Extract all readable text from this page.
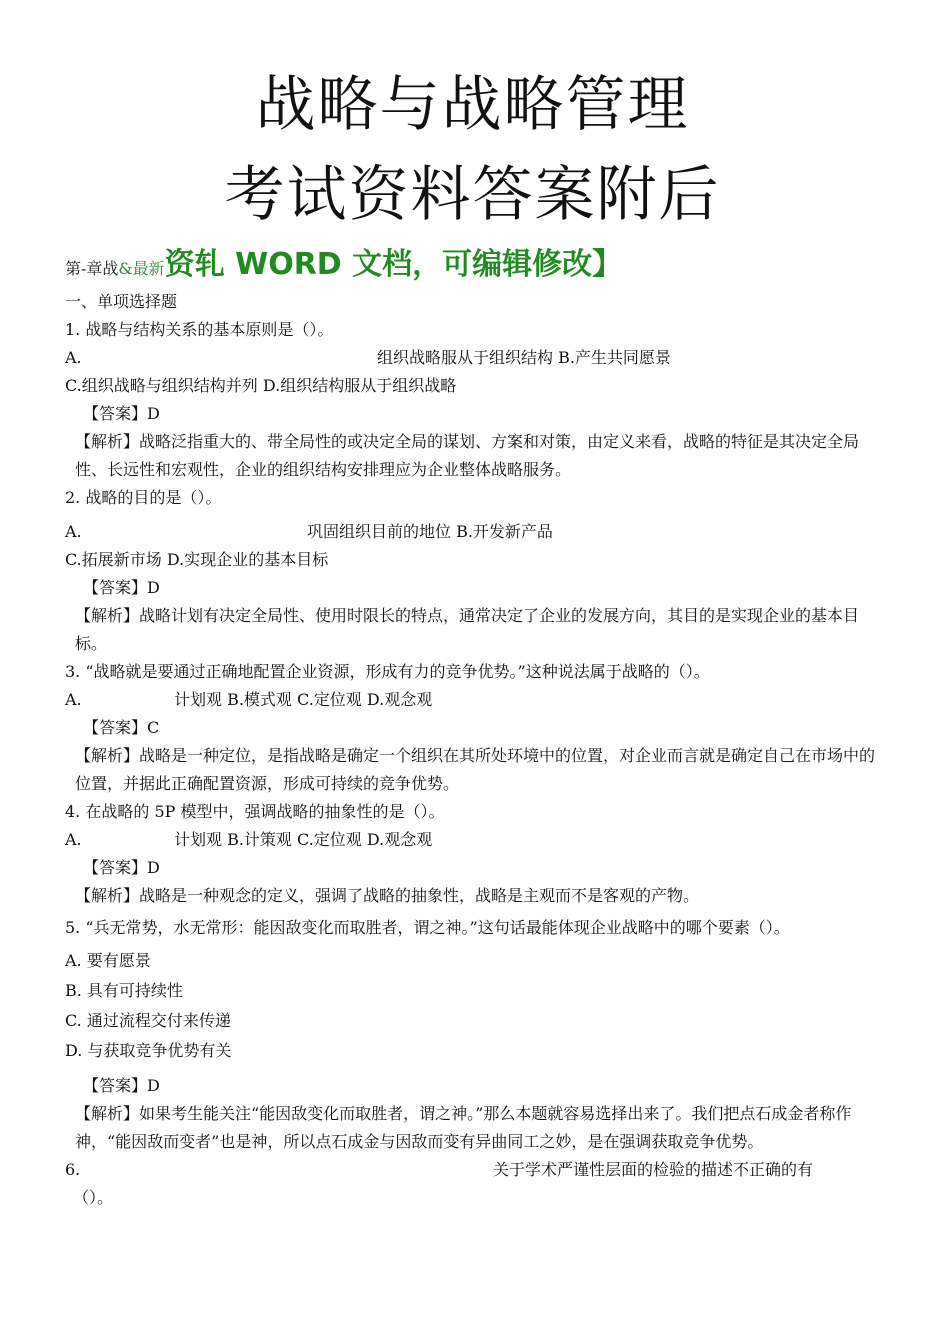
战略与战略管理
考试资料答案附后
第-章战&最新资轧 WORD 文档，可编辑修改】

一、单项选择题

1. 战略与结构关系的基本原则是（）。

A.	组织战略服从于组织结构 B.产生共同愿景

C.组织战略与组织结构并列 D.组织结构服从于组织战略

【答案】D

【解析】战略泛指重大的、带全局性的或决定全局的谋划、方案和对策，由定义来看，战略的特征是其决定全局性、长远性和宏观性，企业的组织结构安排理应为企业整体战略服务。

2. 战略的目的是（）。

A.	巩固组织目前的地位 B.开发新产品

C.拓展新市场 D.实现企业的基本目标

【答案】D

【解析】战略计划有决定全局性、使用时限长的特点，通常决定了企业的发展方向，其目的是实现企业的基本目标。

3. “战略就是要通过正确地配置企业资源，形成有力的竞争优势。”这种说法属于战略的（）。

A.	计划观 B.模式观 C.定位观 D.观念观

【答案】C

【解析】战略是一种定位，是指战略是确定一个组织在其所处环境中的位置，对企业而言就是确定自己在市场中的位置，并据此正确配置资源，形成可持续的竞争优势。

4. 在战略的 5P 模型中，强调战略的抽象性的是（）。

A.	计划观 B.计策观 C.定位观 D.观念观

【答案】D

【解析】战略是一种观念的定义，强调了战略的抽象性，战略是主观而不是客观的产物。

5. “兵无常势，水无常形：能因敌变化而取胜者，谓之神。”这句话最能体现企业战略中的哪个要素（）。

A. 要有愿景

B. 具有可持续性

C. 通过流程交付来传递

D. 与获取竞争优势有关

【答案】D

【解析】如果考生能关注“能因敌变化而取胜者，谓之神。”那么本题就容易选择出来了。我们把点石成金者称作神，“能因敌而变者”也是神，所以点石成金与因敌而变有异曲同工之妙，是在强调获取竞争优势。

6.	关于学术严谨性层面的检验的描述不正确的有

（）。
